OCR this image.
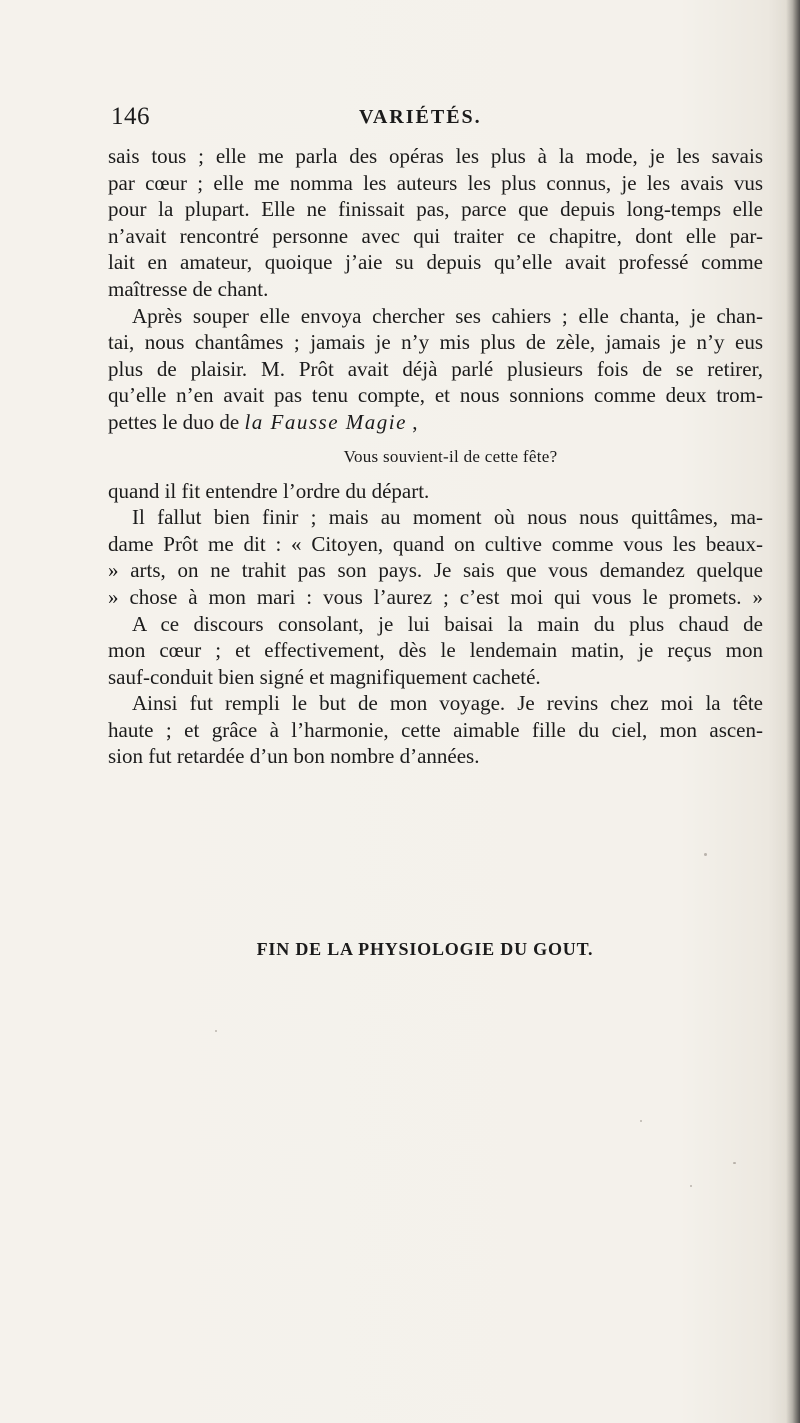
146	VARIÉTÉS.
sais tous ; elle me parla des opéras les plus à la mode, je les savais
par cœur ; elle me nomma les auteurs les plus connus, je les avais vus
pour la plupart. Elle ne finissait pas, parce que depuis long-temps elle
n’avait rencontré personne avec qui traiter ce chapitre, dont elle par-
lait en amateur, quoique j’aie su depuis qu’elle avait professé comme
maîtresse de chant.
Après souper elle envoya chercher ses cahiers ; elle chanta, je chan-
tai, nous chantâmes ; jamais je n’y mis plus de zèle, jamais je n’y eus
plus de plaisir. M. Prôt avait déjà parlé plusieurs fois de se retirer,
qu’elle n’en avait pas tenu compte, et nous sonnions comme deux trom-
pettes le duo de la Fausse Magie ,
Vous souvient-il de cette fête?
quand il fit entendre l’ordre du départ.
Il fallut bien finir ; mais au moment où nous nous quittâmes, ma-
dame Prôt me dit : « Citoyen, quand on cultive comme vous les beaux-
» arts, on ne trahit pas son pays. Je sais que vous demandez quelque
» chose à mon mari : vous l’aurez ; c’est moi qui vous le promets. »
A ce discours consolant, je lui baisai la main du plus chaud de
mon cœur ; et effectivement, dès le lendemain matin, je reçus mon
sauf-conduit bien signé et magnifiquement cacheté.
Ainsi fut rempli le but de mon voyage. Je revins chez moi la tête
haute ; et grâce à l’harmonie, cette aimable fille du ciel, mon ascen-
sion fut retardée d’un bon nombre d’années.
FIN DE LA PHYSIOLOGIE DU GOUT.
